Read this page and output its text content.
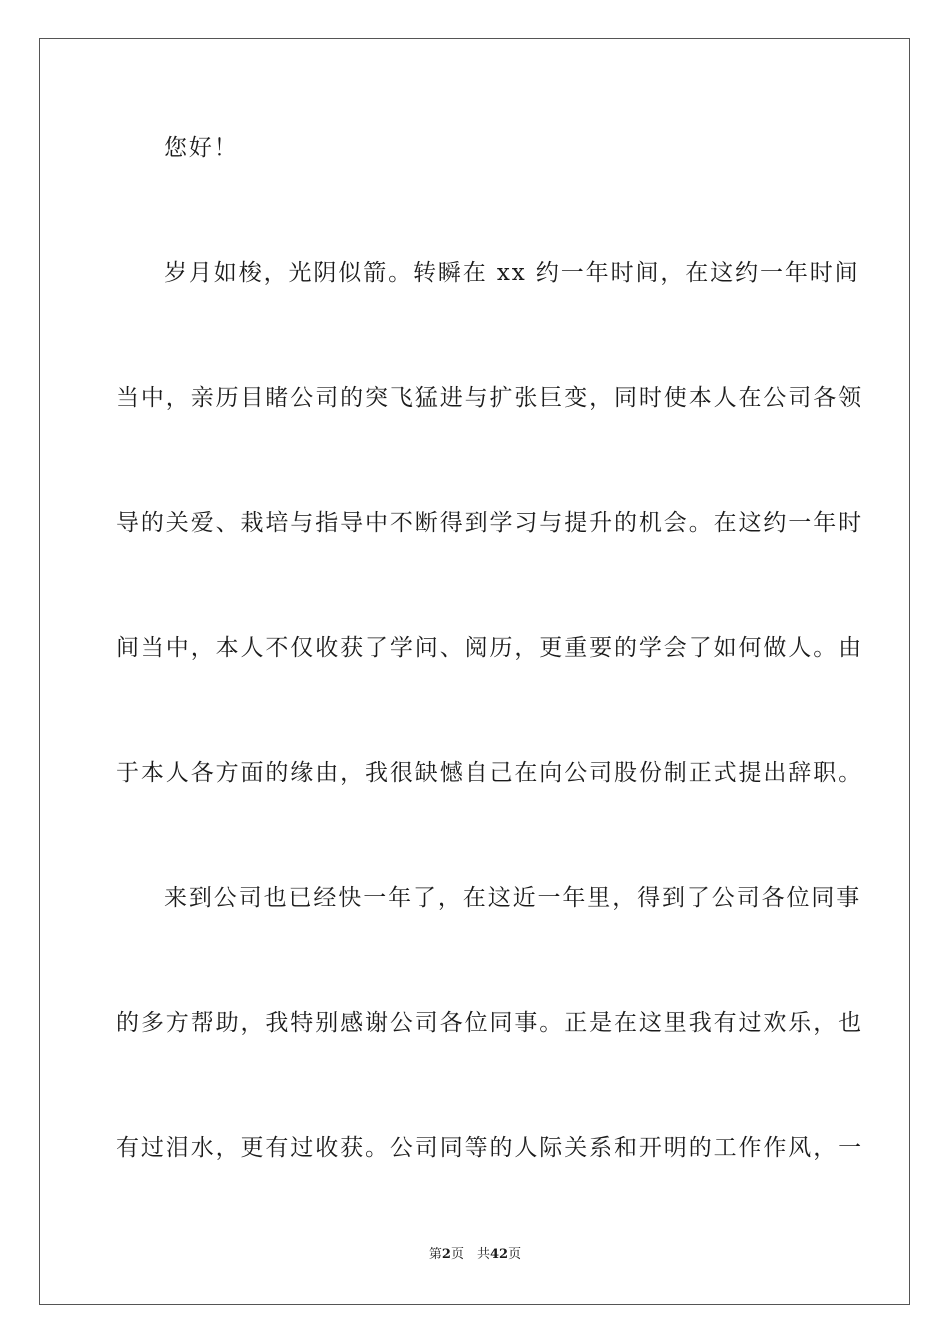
您好！
岁月如梭，光阴似箭。转瞬在 xx 约一年时间，在这约一年时间
当中，亲历目睹公司的突飞猛进与扩张巨变，同时使本人在公司各领
导的关爱、栽培与指导中不断得到学习与提升的机会。在这约一年时
间当中，本人不仅收获了学问、阅历，更重要的学会了如何做人。由
于本人各方面的缘由，我很缺憾自己在向公司股份制正式提出辞职。
来到公司也已经快一年了，在这近一年里，得到了公司各位同事
的多方帮助，我特别感谢公司各位同事。正是在这里我有过欢乐，也
有过泪水，更有过收获。公司同等的人际关系和开明的工作作风，一
第2页　共42页
